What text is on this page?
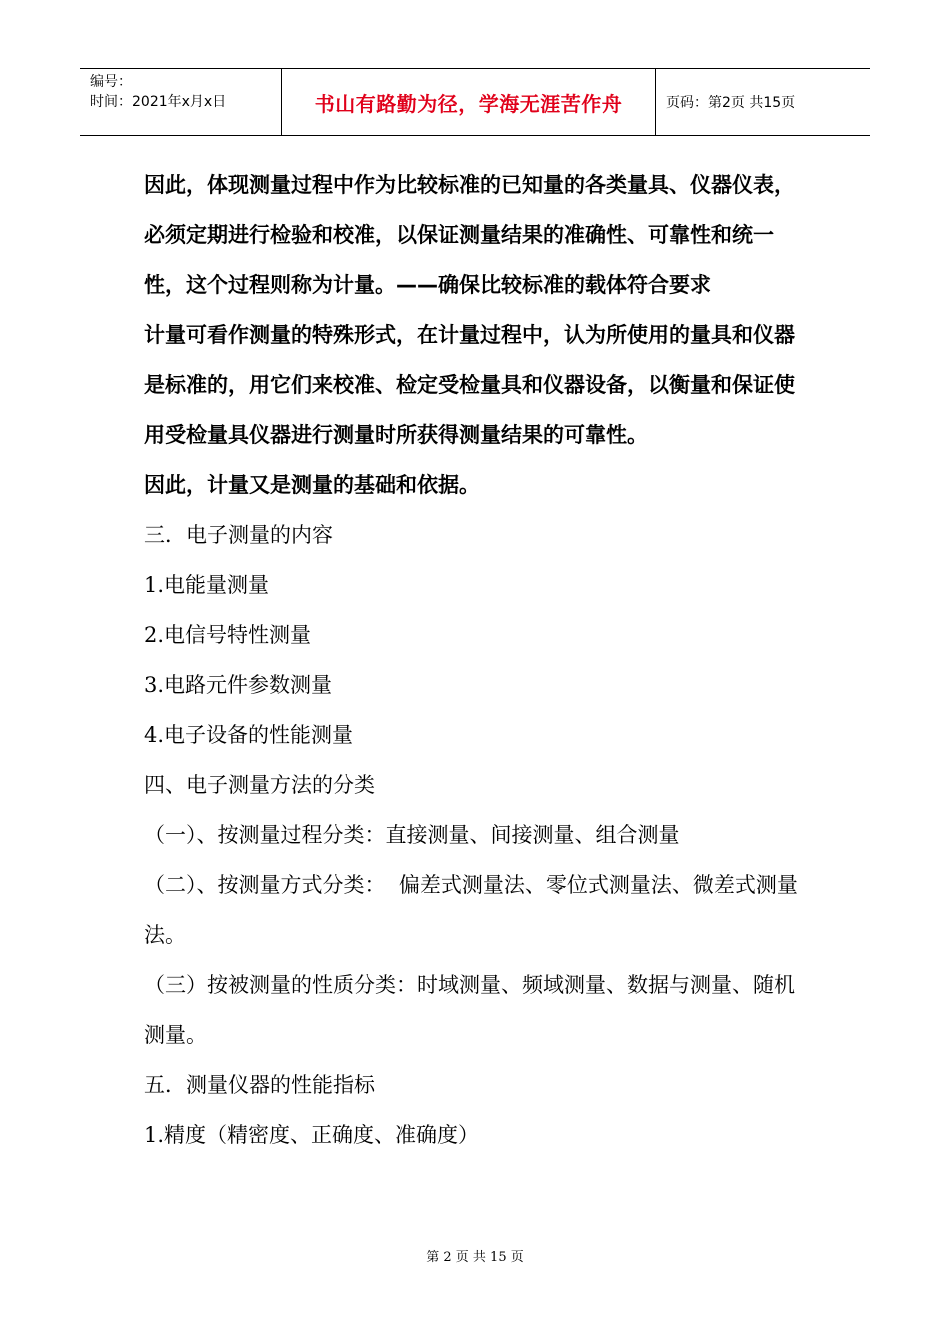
编号：
时间：2021年x月x日	书山有路勤为径，学海无涯苦作舟	页码：第2页 共15页

因此，体现测量过程中作为比较标准的已知量的各类量具、仪器仪表，必须定期进行检验和校准，以保证测量结果的准确性、可靠性和统一性，这个过程则称为计量。——确保比较标准的载体符合要求

计量可看作测量的特殊形式，在计量过程中，认为所使用的量具和仪器是标准的，用它们来校准、检定受检量具和仪器设备，以衡量和保证使用受检量具仪器进行测量时所获得测量结果的可靠性。

因此，计量又是测量的基础和依据。

三．电子测量的内容

1.电能量测量

2.电信号特性测量

3.电路元件参数测量

4.电子设备的性能测量

四、电子测量方法的分类

（一）、按测量过程分类：直接测量、间接测量、组合测量

（二）、按测量方式分类：  偏差式测量法、零位式测量法、微差式测量法。

（三）按被测量的性质分类：时域测量、频域测量、数据与测量、随机测量。

五．测量仪器的性能指标

1.精度（精密度、正确度、准确度）

第 2 页 共 15 页
